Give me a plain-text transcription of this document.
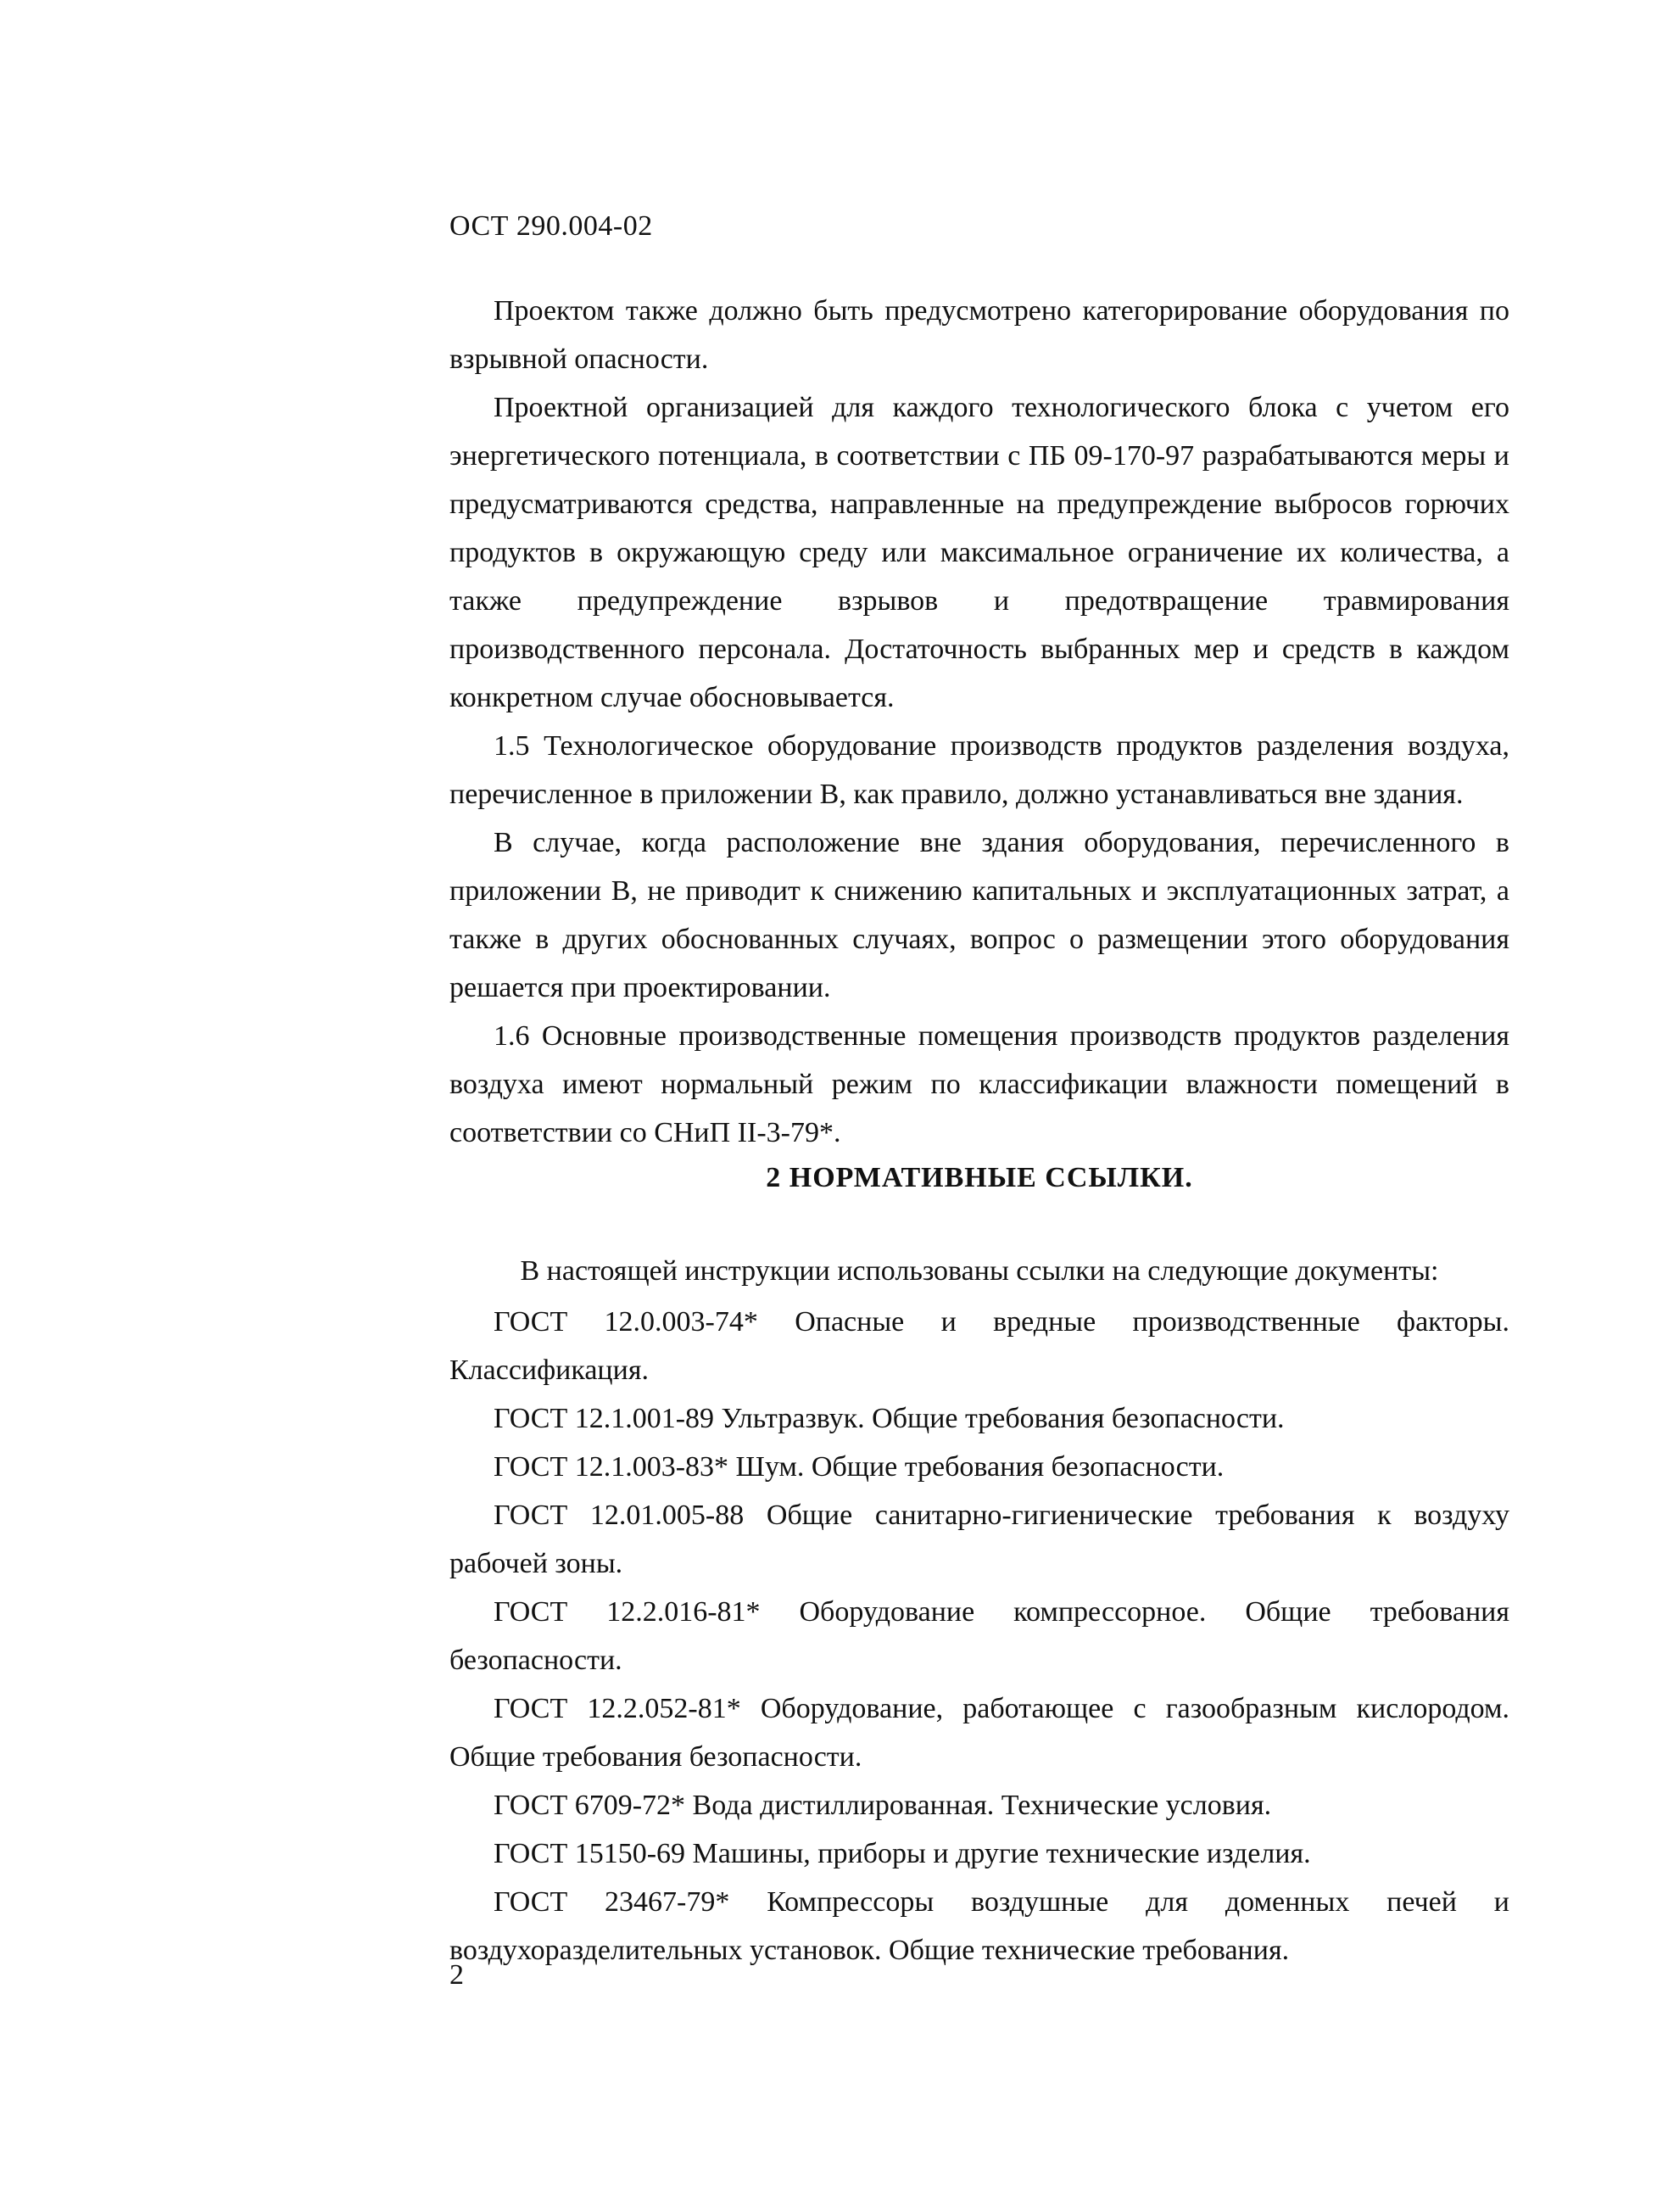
ОСТ 290.004-02

Проектом также должно быть предусмотрено категорирование оборудования по взрывной опасности.

Проектной организацией для каждого технологического блока с учетом его энергетического потенциала, в соответствии с ПБ 09-170-97 разрабатываются меры и предусматриваются средства, направленные на предупреждение выбросов горючих продуктов в окружающую среду или максимальное ограничение их количества, а также предупреждение взрывов и предотвращение травмирования производственного персонала. Достаточность выбранных мер и средств в каждом конкретном случае обосновывается.

1.5 Технологическое оборудование производств продуктов разделения воздуха, перечисленное в приложении В, как правило, должно устанавливаться вне здания.

В случае, когда расположение вне здания оборудования, перечисленного в приложении В, не приводит к снижению капитальных и эксплуатационных затрат, а также в других обоснованных случаях, вопрос о размещении этого оборудования решается при проектировании.

1.6 Основные производственные помещения производств продуктов разделения воздуха имеют нормальный режим по классификации влажности помещений в соответствии со СНиП II-3-79*.

2 НОРМАТИВНЫЕ ССЫЛКИ.
В настоящей инструкции использованы ссылки на следующие документы:

ГОСТ 12.0.003-74* Опасные и вредные производственные факторы. Классификация.

ГОСТ 12.1.001-89 Ультразвук. Общие требования безопасности.

ГОСТ 12.1.003-83* Шум. Общие требования безопасности.

ГОСТ 12.01.005-88 Общие санитарно-гигиенические требования к воздуху рабочей зоны.

ГОСТ 12.2.016-81* Оборудование компрессорное. Общие требования безопасности.

ГОСТ 12.2.052-81* Оборудование, работающее с газообразным кислородом. Общие требования безопасности.

ГОСТ 6709-72* Вода дистиллированная. Технические условия.

ГОСТ 15150-69 Машины, приборы и другие технические изделия.

ГОСТ 23467-79* Компрессоры воздушные для доменных печей и воздухоразделительных установок. Общие технические требования.

2
